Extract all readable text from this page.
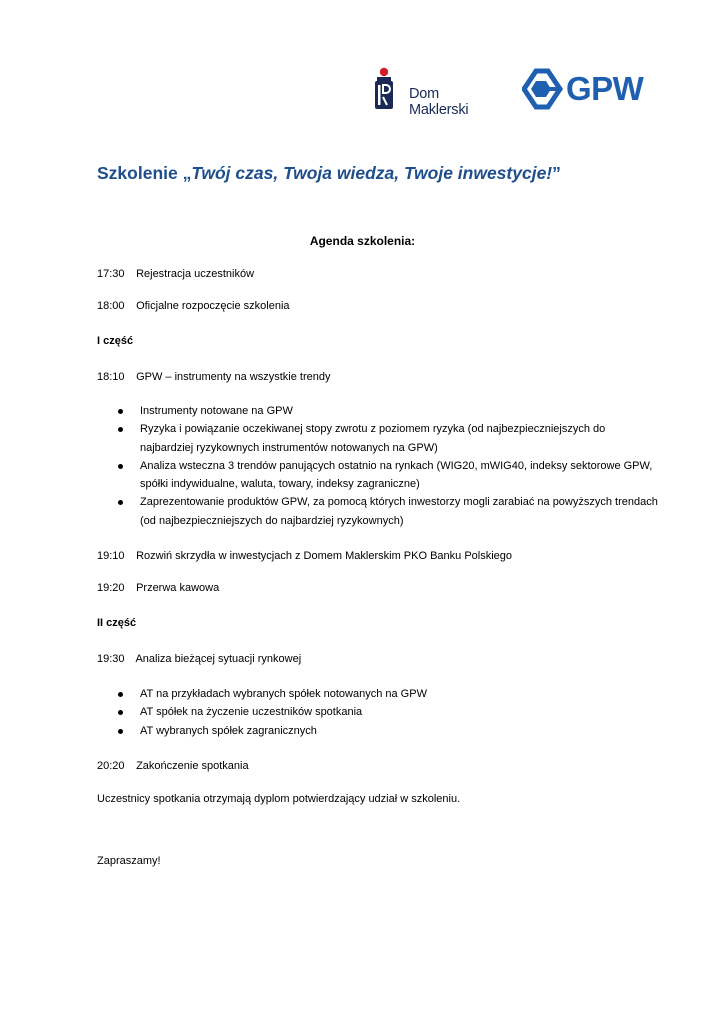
Dom Maklerski
GPW
Szkolenie „Twój czas, Twoja wiedza, Twoje inwestycje!”
Agenda szkolenia:
17:30 Rejestracja uczestników
18:00 Oficjalne rozpoczęcie szkolenia
I część
18:10 GPW – instrumenty na wszystkie trendy
Instrumenty notowane na GPW
Ryzyka i powiązanie oczekiwanej stopy zwrotu z poziomem ryzyka (od najbezpieczniejszych do najbardziej ryzykownych instrumentów notowanych na GPW)
Analiza wsteczna 3 trendów panujących ostatnio na rynkach (WIG20, mWIG40, indeksy sektorowe GPW, spółki indywidualne, waluta, towary, indeksy zagraniczne)
Zaprezentowanie produktów GPW, za pomocą których inwestorzy mogli zarabiać na powyższych trendach (od najbezpieczniejszych do najbardziej ryzykownych)
19:10 Rozwiń skrzydła w inwestycjach z Domem Maklerskim PKO Banku Polskiego
19:20 Przerwa kawowa
II część
19:30 Analiza bieżącej sytuacji rynkowej
AT na przykładach wybranych spółek notowanych na GPW
AT spółek na życzenie uczestników spotkania
AT wybranych spółek zagranicznych
20:20 Zakończenie spotkania
Uczestnicy spotkania otrzymają dyplom potwierdzający udział w szkoleniu.
Zapraszamy!
